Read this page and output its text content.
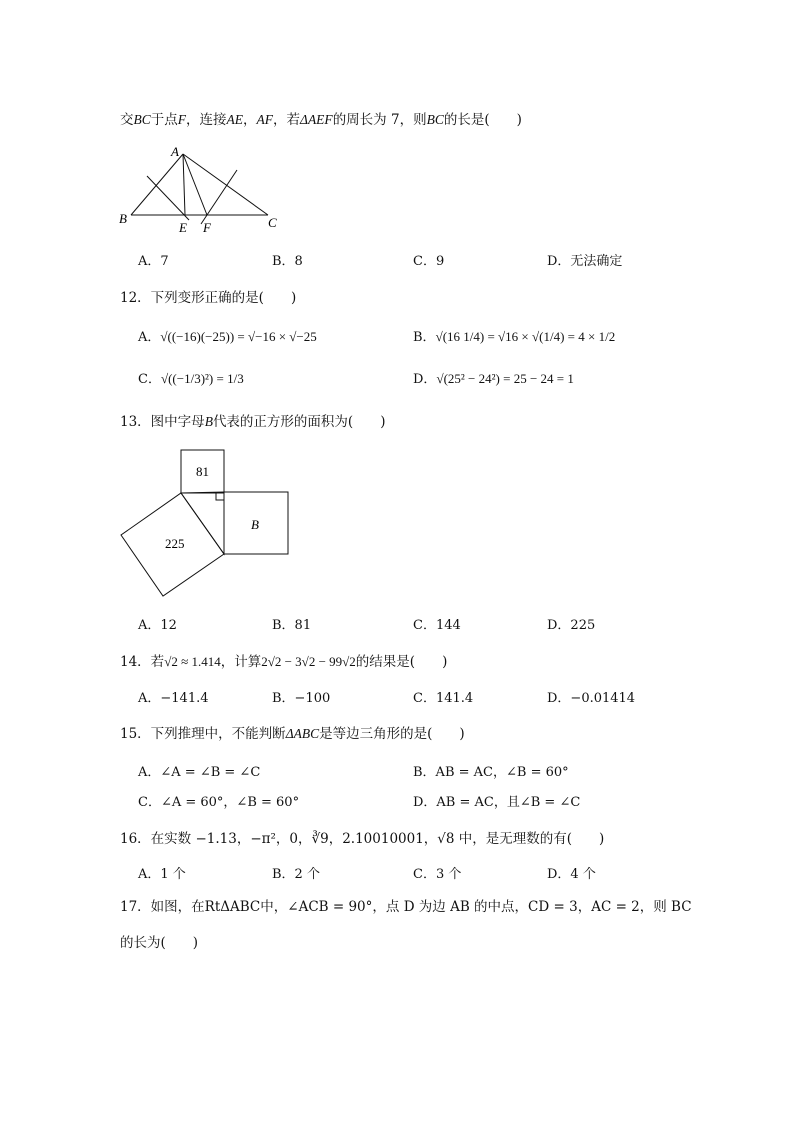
交BC于点F，连接AE，AF，若ΔAEF的周长为 7，则BC的长是(　　)
A
B	C
E F
A．7	B．8	C．9	D．无法确定
12．下列变形正确的是(　　)
A．√((−16)(−25)) = √−16 × √−25	B．√(16 1/4) = √16 × √(1/4) = 4 × 1/2
C．√((−1/3)²) = 1/3	D．√(25² − 24²) = 25 − 24 = 1
13．图中字母B代表的正方形的面积为(　　)
81
B
225
A．12	B．81	C．144	D．225
14．若√2 ≈ 1.414，计算2√2 − 3√2 − 99√2的结果是(　　)
A．−141.4	B．−100	C．141.4	D．−0.01414
15．下列推理中，不能判断ΔABC是等边三角形的是(　　)
A．∠A = ∠B = ∠C	B．AB = AC，∠B = 60°
C．∠A = 60°，∠B = 60°	D．AB = AC，且∠B = ∠C
16．在实数 −1.13，−π²，0，∛9，2.10010001，√8 中，是无理数的有(　　)
A．1 个	B．2 个	C．3 个	D．4 个
17．如图，在RtΔABC中，∠ACB = 90°，点 D 为边 AB 的中点，CD = 3，AC = 2，则 BC
的长为(　　)
